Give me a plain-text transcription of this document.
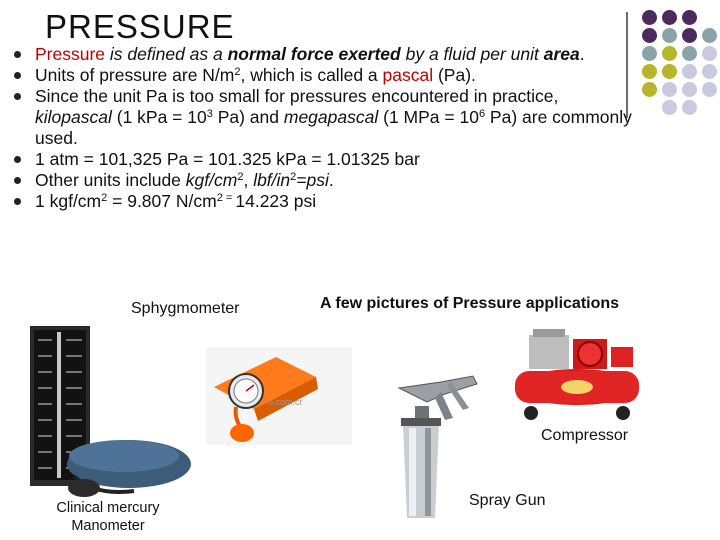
PRESSURE
Pressure is defined as a normal force exerted by a fluid per unit area.
Units of pressure are $N/m^2$, which is called a pascal (Pa).
Since the unit Pa is too small for pressures encountered in practice, kilopascal (1 kPa = $10^3$ Pa) and megapascal (1 MPa = $10^6$ Pa) are commonly used.
1 atm = 101,325 Pa = 101.325 kPa = 1.01325 bar
Other units include kgf/$cm^2$, lbf/$in^2=psi$.
1 kgf/$cm^2 = 9.807$ $N/cm^2$ = 14.223 psi
Sphygmometer	A few pictures of Pressure applications
Compressor
Spray Gun
Clinical mercury
Manometer
o.com.cr
